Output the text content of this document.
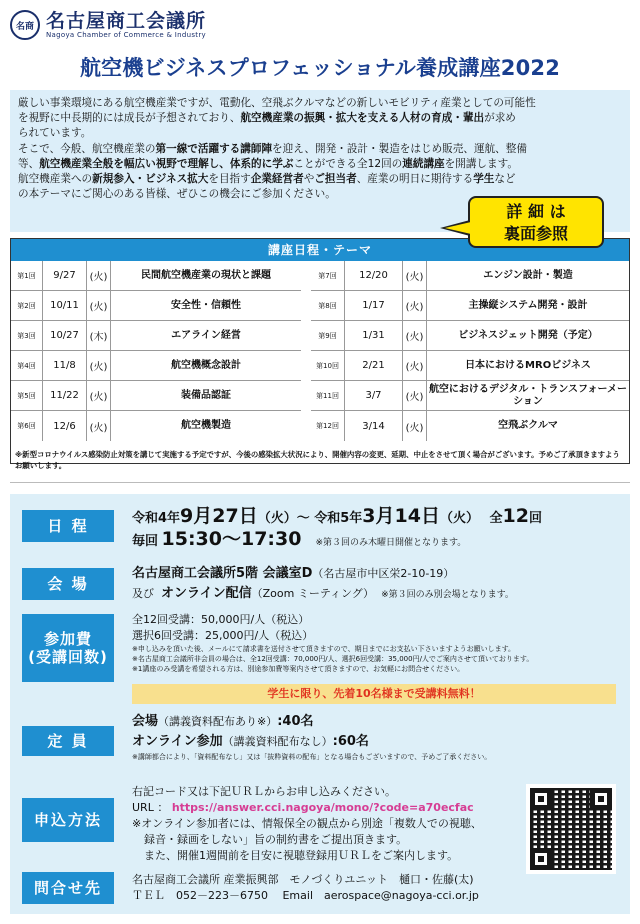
名商 名古屋商工会議所
Nagoya Chamber of Commerce & Industry
航空機ビジネスプロフェッショナル養成講座2022

厳しい事業環境にある航空機産業ですが、電動化、空飛ぶクルマなどの新しいモビリティ産業としての可能性

を視野に中長期的には成長が予想されており、航空機産業の振興・拡大を支える人材の育成・輩出が求め

られています。

そこで、今般、航空機産業の第一線で活躍する講師陣を迎え、開発・設計・製造をはじめ販売、運航、整備

等、航空機産業全般を幅広い視野で理解し、体系的に学ぶことができる全12回の連続講座を開講します。

航空機産業への新規参入・ビジネス拡大を目指す企業経営者やご担当者、産業の明日に期待する学生など

の本テーマにご関心のある皆様、ぜひこの機会にご参加ください。

詳 細 は
裏面参照
講座日程・テーマ
第1回	9/27	(火)	民間航空機産業の現状と課題
第2回	10/11	(火)	安全性・信頼性
第3回	10/27	(木)	エアライン経営
第4回	11/8	(火)	航空機概念設計
第5回	11/22	(火)	装備品認証
第6回	12/6	(火)	航空機製造
第7回	12/20	(火)	エンジン設計・製造
第8回	1/17	(火)	主操縦システム開発・設計
第9回	1/31	(火)	ビジネスジェット開発（予定）
第10回	2/21	(火)	日本におけるMROビジネス
第11回	3/7	(火)
航空におけるデジタル・トランスフォーメーション
第12回	3/14	(火)	空飛ぶクルマ
※新型コロナウイルス感染防止対策を講じて実施する予定ですが、今後の感染拡大状況により、開催内容の変更、延期、中止をさせて頂く場合がございます。予めご了承頂きますようお願いします。
日 程	令和4年9月27日（火）～ 令和5年3月14日（火） 全12回
毎回 15:30～17:30 ※第３回のみ木曜日開催となります。
会 場
名古屋商工会議所5階 会議室D（名古屋市中区栄2-10-19）
及び オンライン配信（Zoom ミーティング） ※第３回のみ別会場となります。
参加費
(受講回数)
全12回受講：50,000円/人（税込）
選択6回受講：25,000円/人（税込）
※申し込みを頂いた後、メールにて請求書を送付させて頂きますので、期日までにお支払い下さいますようお願いします。
※名古屋商工会議所非会員の場合は、全12回受講：70,000円/人、選択6回受講：35,000円/人でご案内させて頂いております。
※1講座のみ受講を希望される方は、別途参加費等案内させて頂きますので、お気軽にお問合せください。
学生に限り、先着10名様まで受講料無料！
定 員
会場（講義資料配布あり※）:40名
オンライン参加（講義資料配布なし）:60名
※講師都合により、「資料配布なし」又は「抜粋資料の配布」となる場合もございますので、予めご了承ください。
申込方法
右記コード又は下記ＵＲＬからお申し込みください。
URL ： https://answer.cci.nagoya/mono/?code=a70ecfac
※オンライン参加者には、情報保全の観点から別途「複数人での視聴、
録音・録画をしない」旨の制約書をご提出頂きます。
また、開催1週間前を目安に視聴登録用ＵＲＬをご案内します。
問合せ先	名古屋商工会議所 産業振興部　モノづくりユニット　樋口・佐藤(太)
ＴＥＬ　052－223－6750　 Email　aerospace@nagoya-cci.or.jp
